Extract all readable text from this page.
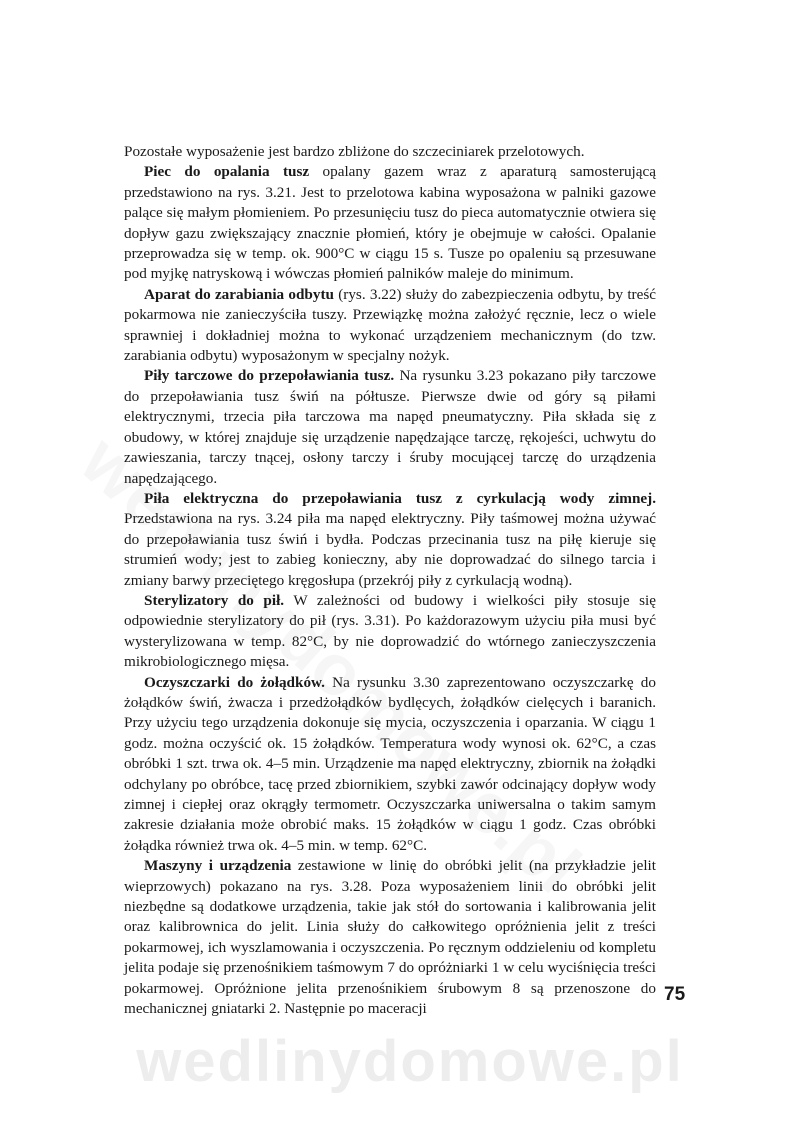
Pozostałe wyposażenie jest bardzo zbliżone do szczeciniarek przelotowych.

Piec do opalania tusz opalany gazem wraz z aparaturą samosterującą przedstawiono na rys. 3.21. Jest to przelotowa kabina wyposażona w palniki gazowe palące się małym płomieniem. Po przesunięciu tusz do pieca automatycznie otwiera się dopływ gazu zwiększający znacznie płomień, który je obejmuje w całości. Opalanie przeprowadza się w temp. ok. 900°C w ciągu 15 s. Tusze po opaleniu są przesuwane pod myjkę natryskową i wówczas płomień palników maleje do minimum.

Aparat do zarabiania odbytu (rys. 3.22) służy do zabezpieczenia odbytu, by treść pokarmowa nie zanieczyściła tuszy. Przewiązkę można założyć ręcznie, lecz o wiele sprawniej i dokładniej można to wykonać urządzeniem mechanicznym (do tzw. zarabiania odbytu) wyposażonym w specjalny nożyk.

Piły tarczowe do przepoławiania tusz. Na rysunku 3.23 pokazano piły tarczowe do przepoławiania tusz świń na półtusze. Pierwsze dwie od góry są piłami elektrycznymi, trzecia piła tarczowa ma napęd pneumatyczny. Piła składa się z obudowy, w której znajduje się urządzenie napędzające tarczę, rękojeści, uchwytu do zawieszania, tarczy tnącej, osłony tarczy i śruby mocującej tarczę do urządzenia napędzającego.

Piła elektryczna do przepoławiania tusz z cyrkulacją wody zimnej. Przedstawiona na rys. 3.24 piła ma napęd elektryczny. Piły taśmowej można używać do przepoławiania tusz świń i bydła. Podczas przecinania tusz na piłę kieruje się strumień wody; jest to zabieg konieczny, aby nie doprowadzać do silnego tarcia i zmiany barwy przeciętego kręgosłupa (przekrój piły z cyrkulacją wodną).

Sterylizatory do pił. W zależności od budowy i wielkości piły stosuje się odpowiednie sterylizatory do pił (rys. 3.31). Po każdorazowym użyciu piła musi być wysterylizowana w temp. 82°C, by nie doprowadzić do wtórnego zanieczyszczenia mikrobiologicznego mięsa.

Oczyszczarki do żołądków. Na rysunku 3.30 zaprezentowano oczyszczarkę do żołądków świń, żwacza i przedżołądków bydlęcych, żołądków cielęcych i baranich. Przy użyciu tego urządzenia dokonuje się mycia, oczyszczenia i oparzania. W ciągu 1 godz. można oczyścić ok. 15 żołądków. Temperatura wody wynosi ok. 62°C, a czas obróbki 1 szt. trwa ok. 4–5 min. Urządzenie ma napęd elektryczny, zbiornik na żołądki odchylany po obróbce, tacę przed zbiornikiem, szybki zawór odcinający dopływ wody zimnej i ciepłej oraz okrągły termometr. Oczyszczarka uniwersalna o takim samym zakresie działania może obrobić maks. 15 żołądków w ciągu 1 godz. Czas obróbki żołądka również trwa ok. 4–5 min. w temp. 62°C.

Maszyny i urządzenia zestawione w linię do obróbki jelit (na przykładzie jelit wieprzowych) pokazano na rys. 3.28. Poza wyposażeniem linii do obróbki jelit niezbędne są dodatkowe urządzenia, takie jak stół do sortowania i kalibrowania jelit oraz kalibrownica do jelit. Linia służy do całkowitego opróżnienia jelit z treści pokarmowej, ich wyszlamowania i oczyszczenia. Po ręcznym oddzieleniu od kompletu jelita podaje się przenośnikiem taśmowym 7 do opróżniarki 1 w celu wyciśnięcia treści pokarmowej. Opróżnione jelita przenośnikiem śrubowym 8 są przenoszone do mechanicznej gniatarki 2. Następnie po maceracji

75
wedlinydomowe.pl
